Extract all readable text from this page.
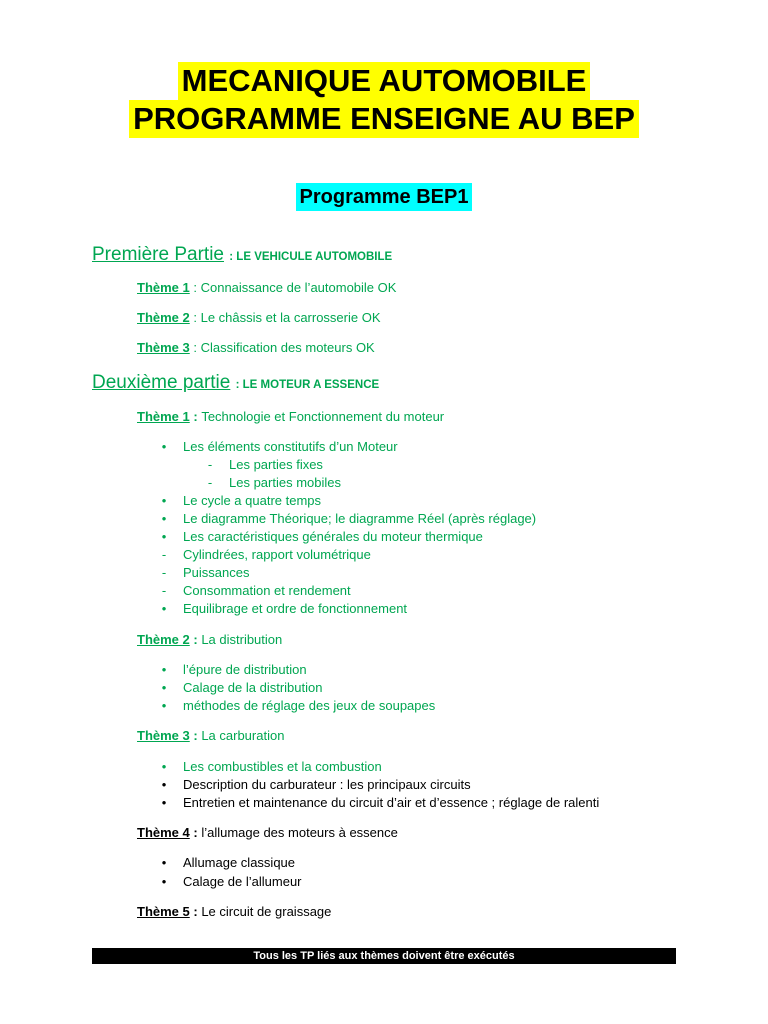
MECANIQUE AUTOMOBILE
PROGRAMME ENSEIGNE AU BEP
Programme BEP1
Première Partie : LE VEHICULE AUTOMOBILE
Thème 1 : Connaissance de l’automobile OK
Thème 2 : Le châssis et la carrosserie OK
Thème 3 : Classification des moteurs OK
Deuxième partie : LE MOTEUR A ESSENCE
Thème 1 : Technologie et Fonctionnement du moteur
• Les éléments constitutifs d’un Moteur
- Les parties fixes
- Les parties mobiles
• Le cycle a quatre temps
• Le diagramme Théorique; le diagramme Réel (après réglage)
• Les caractéristiques générales du moteur thermique
- Cylindrées, rapport volumétrique
- Puissances
- Consommation et rendement
• Equilibrage et ordre de fonctionnement
Thème 2 : La distribution
• l’épure de distribution
• Calage de la distribution
• méthodes de réglage des jeux de soupapes
Thème 3 : La carburation
• Les combustibles et la combustion
• Description du carburateur : les principaux circuits
• Entretien et maintenance du circuit d’air et d’essence ; réglage de ralenti
Thème 4 : l’allumage des moteurs à essence
• Allumage classique
• Calage de l’allumeur
Thème 5 : Le circuit de graissage
Tous les TP liés aux thèmes doivent être exécutés
